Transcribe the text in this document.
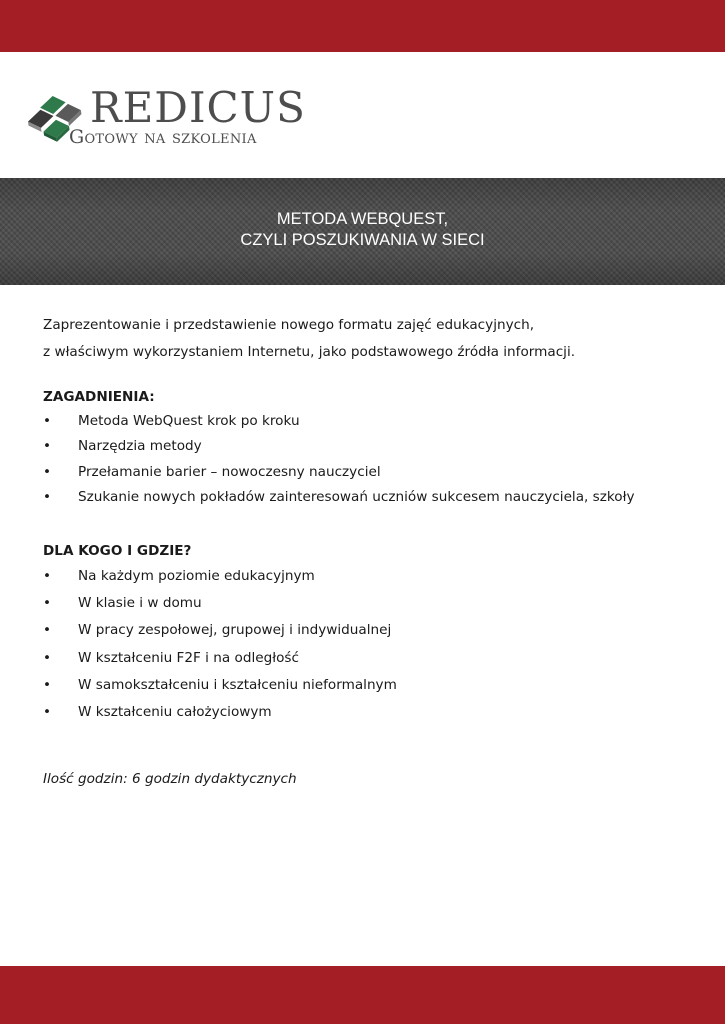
REDICUS
Gotowy na szkolenia
METODA WEBQUEST,
CZYLI POSZUKIWANIA W SIECI

Zaprezentowanie i przedstawienie nowego formatu zajęć edukacyjnych,

z właściwym wykorzystaniem Internetu, jako podstawowego źródła informacji.

ZAGADNIENIA:
• Metoda WebQuest krok po kroku
• Narzędzia metody
• Przełamanie barier – nowoczesny nauczyciel
• Szukanie nowych pokładów zainteresowań uczniów sukcesem nauczyciela, szkoły
DLA KOGO I GDZIE?
• Na każdym poziomie edukacyjnym
• W klasie i w domu
• W pracy zespołowej, grupowej i indywidualnej
• W kształceniu F2F i na odległość
• W samokształceniu i kształceniu nieformalnym
• W kształceniu całożyciowym
Ilość godzin: 6 godzin dydaktycznych
